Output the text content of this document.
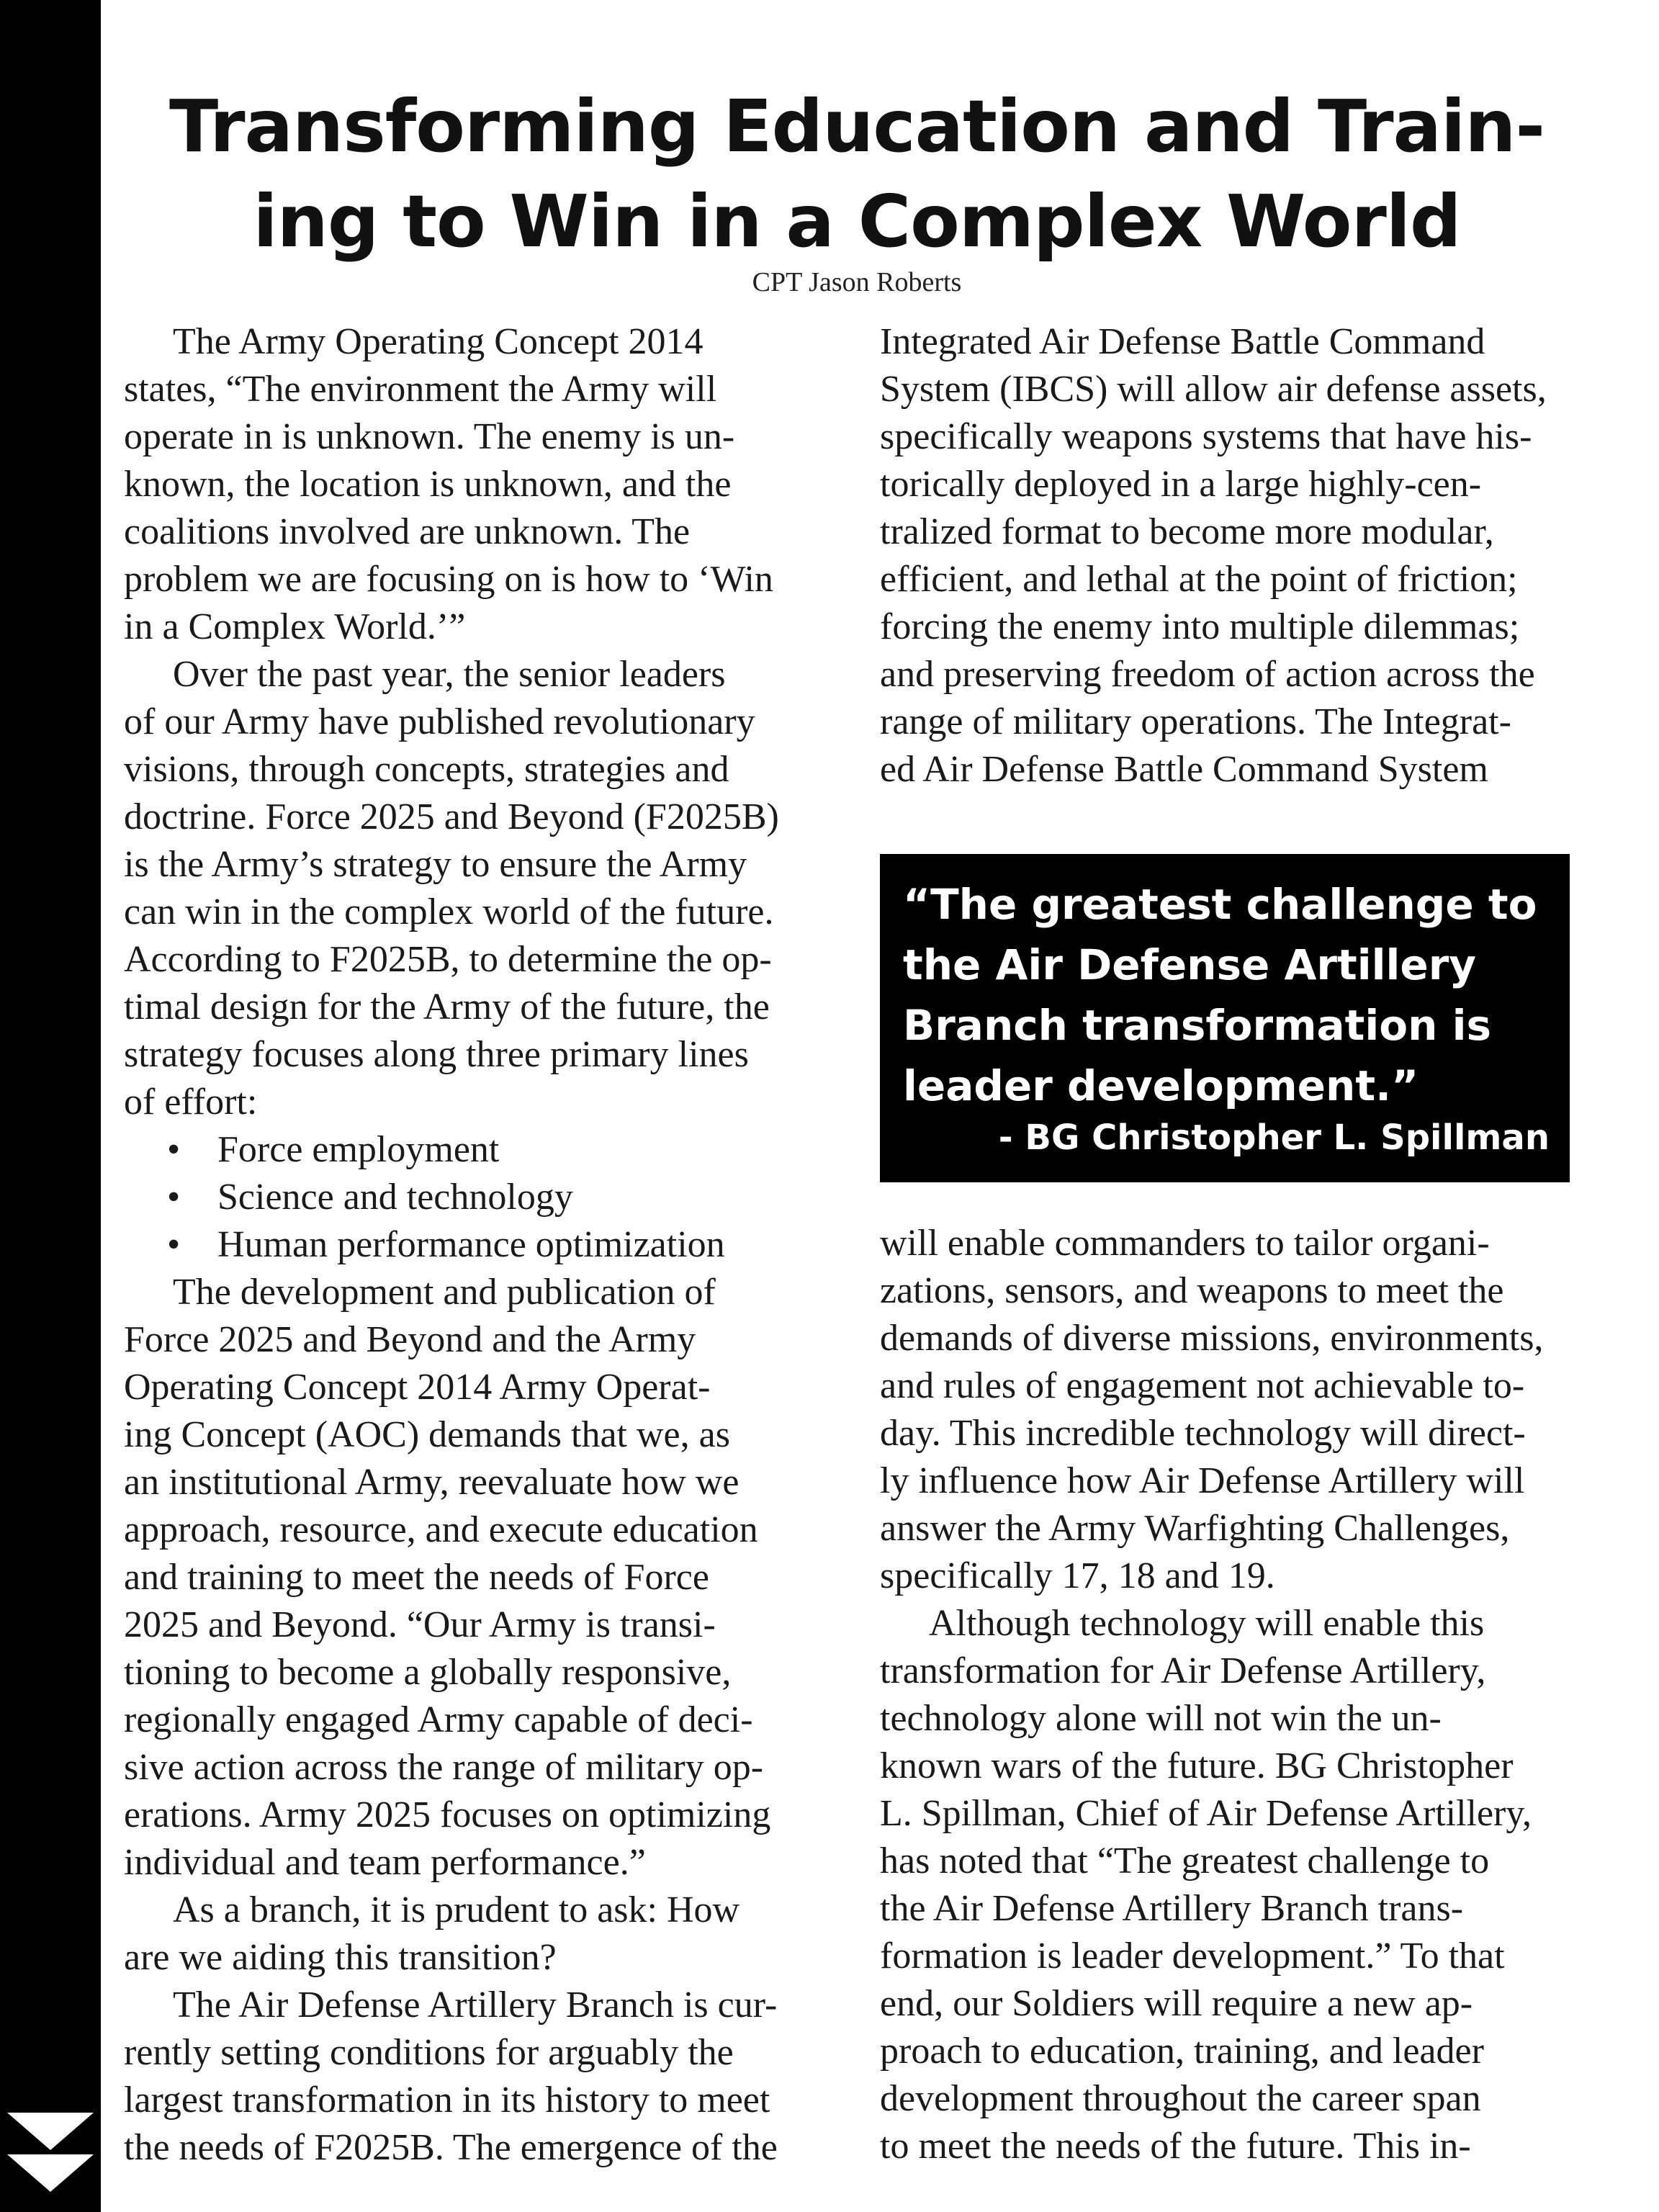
Transforming Education and Train-
ing to Win in a Complex World
CPT Jason Roberts

The Army Operating Concept 2014

states, “The environment the Army will

operate in is unknown. The enemy is un-

known, the location is unknown, and the

coalitions involved are unknown. The

problem we are focusing on is how to ‘Win

in a Complex World.’”

Over the past year, the senior leaders

of our Army have published revolutionary

visions, through concepts, strategies and

doctrine. Force 2025 and Beyond (F2025B)

is the Army’s strategy to ensure the Army

can win in the complex world of the future.

According to F2025B, to determine the op-

timal design for the Army of the future, the

strategy focuses along three primary lines

of effort:

• Force employment

• Science and technology

• Human performance optimization

The development and publication of

Force 2025 and Beyond and the Army

Operating Concept 2014 Army Operat-

ing Concept (AOC) demands that we, as

an institutional Army, reevaluate how we

approach, resource, and execute education

and training to meet the needs of Force

2025 and Beyond. “Our Army is transi-

tioning to become a globally responsive,

regionally engaged Army capable of deci-

sive action across the range of military op-

erations. Army 2025 focuses on optimizing

individual and team performance.”

As a branch, it is prudent to ask: How

are we aiding this transition?

The Air Defense Artillery Branch is cur-

rently setting conditions for arguably the

largest transformation in its history to meet

the needs of F2025B. The emergence of the

Integrated Air Defense Battle Command

System (IBCS) will allow air defense assets,

specifically weapons systems that have his-

torically deployed in a large highly-cen-

tralized format to become more modular,

efficient, and lethal at the point of friction;

forcing the enemy into multiple dilemmas;

and preserving freedom of action across the

range of military operations. The Integrat-

ed Air Defense Battle Command System

“The greatest challenge to
the Air Defense Artillery
Branch transformation is
leader development.”
- BG Christopher L. Spillman

will enable commanders to tailor organi-

zations, sensors, and weapons to meet the

demands of diverse missions, environments,

and rules of engagement not achievable to-

day. This incredible technology will direct-

ly influence how Air Defense Artillery will

answer the Army Warfighting Challenges,

specifically 17, 18 and 19.

Although technology will enable this

transformation for Air Defense Artillery,

technology alone will not win the un-

known wars of the future. BG Christopher

L. Spillman, Chief of Air Defense Artillery,

has noted that “The greatest challenge to

the Air Defense Artillery Branch trans-

formation is leader development.” To that

end, our Soldiers will require a new ap-

proach to education, training, and leader

development throughout the career span

to meet the needs of the future. This in-
